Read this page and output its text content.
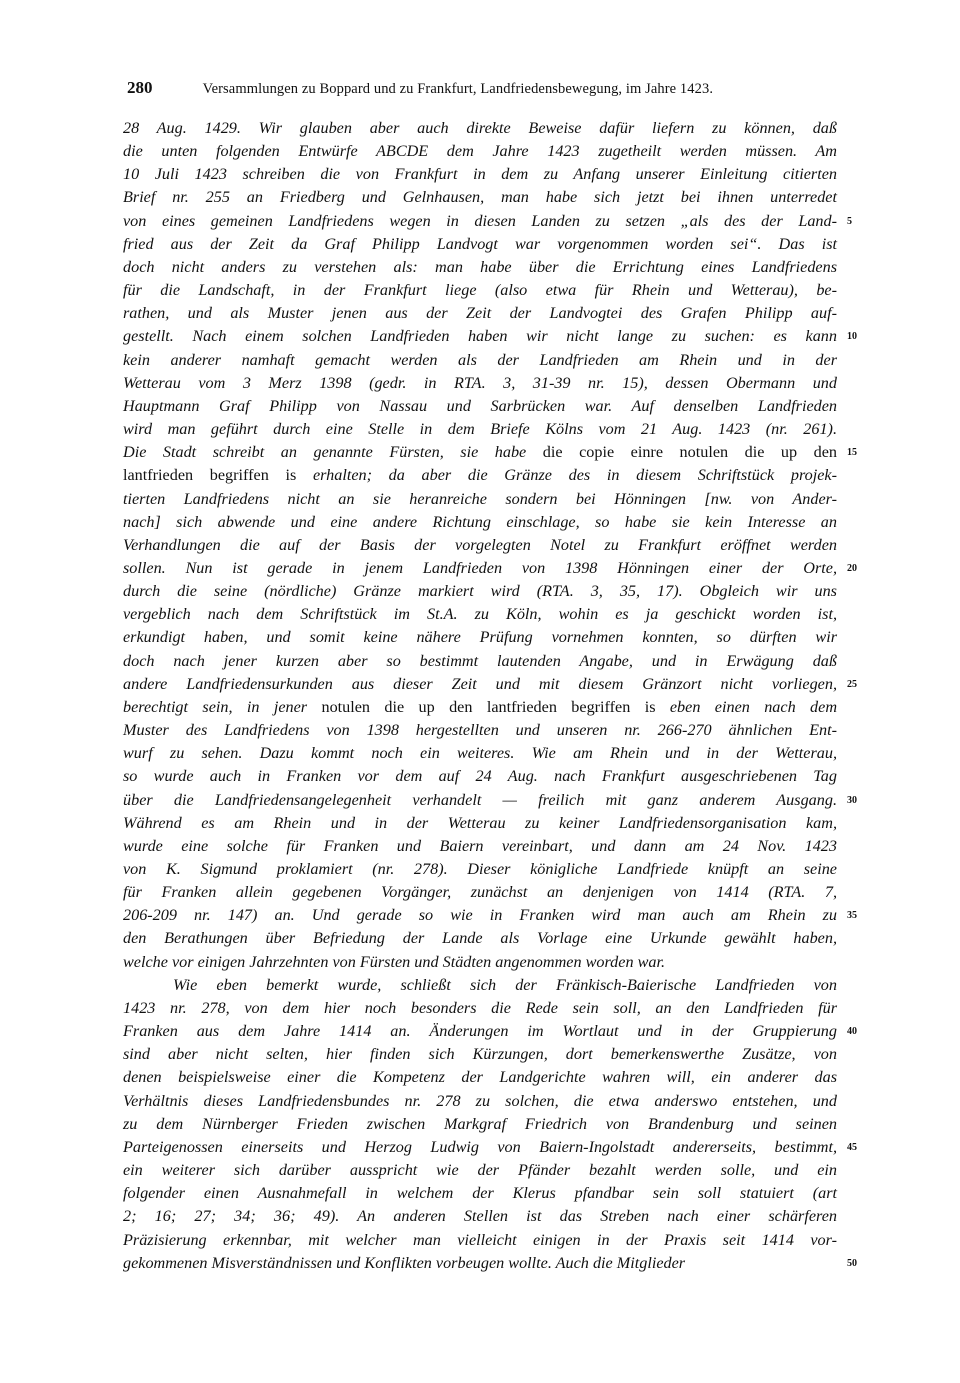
280	Versammlungen zu Boppard und zu Frankfurt, Landfriedensbewegung, im Jahre 1423.
28 Aug. 1429. Wir glauben aber auch direkte Beweise dafür liefern zu können, daß
die unten folgenden Entwürfe ABCDE dem Jahre 1423 zugetheilt werden müssen. Am
10 Juli 1423 schreiben die von Frankfurt in dem zu Anfang unserer Einleitung citierten
Brief nr. 255 an Friedberg und Gelnhausen, man habe sich jetzt bei ihnen unterredet
von eines gemeinen Landfriedens wegen in diesen Landen zu setzen „als des der Land-
fried aus der Zeit da Graf Philipp Landvogt war vorgenommen worden sei“. Das ist
doch nicht anders zu verstehen als: man habe über die Errichtung eines Landfriedens
für die Landschaft, in der Frankfurt liege (also etwa für Rhein und Wetterau), be-
rathen, und als Muster jenen aus der Zeit der Landvogtei des Grafen Philipp auf-
gestellt. Nach einem solchen Landfrieden haben wir nicht lange zu suchen: es kann
kein anderer namhaft gemacht werden als der Landfrieden am Rhein und in der
Wetterau vom 3 Merz 1398 (gedr. in RTA. 3, 31-39 nr. 15), dessen Obermann und
Hauptmann Graf Philipp von Nassau und Sarbrücken war. Auf denselben Landfrieden
wird man geführt durch eine Stelle in dem Briefe Kölns vom 21 Aug. 1423 (nr. 261).
Die Stadt schreibt an genannte Fürsten, sie habe die copie einre notulen die up den
lantfrieden begriffen is erhalten; da aber die Gränze des in diesem Schriftstück projek-
tierten Landfriedens nicht an sie heranreiche sondern bei Hönningen [nw. von Ander-
nach] sich abwende und eine andere Richtung einschlage, so habe sie kein Interesse an
Verhandlungen die auf der Basis der vorgelegten Notel zu Frankfurt eröffnet werden
sollen. Nun ist gerade in jenem Landfrieden von 1398 Hönningen einer der Orte,
durch die seine (nördliche) Gränze markiert wird (RTA. 3, 35, 17). Obgleich wir uns
vergeblich nach dem Schriftstück im St.A. zu Köln, wohin es ja geschickt worden ist,
erkundigt haben, und somit keine nähere Prüfung vornehmen konnten, so dürften wir
doch nach jener kurzen aber so bestimmt lautenden Angabe, und in Erwägung daß
andere Landfriedensurkunden aus dieser Zeit und mit diesem Gränzort nicht vorliegen,
berechtigt sein, in jener notulen die up den lantfrieden begriffen is eben einen nach dem
Muster des Landfriedens von 1398 hergestellten und unseren nr. 266-270 ähnlichen Ent-
wurf zu sehen. Dazu kommt noch ein weiteres. Wie am Rhein und in der Wetterau,
so wurde auch in Franken vor dem auf 24 Aug. nach Frankfurt ausgeschriebenen Tag
über die Landfriedensangelegenheit verhandelt — freilich mit ganz anderem Ausgang.
Während es am Rhein und in der Wetterau zu keiner Landfriedensorganisation kam,
wurde eine solche für Franken und Baiern vereinbart, und dann am 24 Nov. 1423
von K. Sigmund proklamiert (nr. 278). Dieser königliche Landfriede knüpft an seine
für Franken allein gegebenen Vorgänger, zunächst an denjenigen von 1414 (RTA. 7,
206-209 nr. 147) an. Und gerade so wie in Franken wird man auch am Rhein zu
den Berathungen über Befriedung der Lande als Vorlage eine Urkunde gewählt haben,
welche vor einigen Jahrzehnten von Fürsten und Städten angenommen worden war.
Wie eben bemerkt wurde, schließt sich der Fränkisch-Baierische Landfrieden von
1423 nr. 278, von dem hier noch besonders die Rede sein soll, an den Landfrieden für
Franken aus dem Jahre 1414 an. Änderungen im Wortlaut und in der Gruppierung
sind aber nicht selten, hier finden sich Kürzungen, dort bemerkenswerthe Zusätze, von
denen beispielsweise einer die Kompetenz der Landgerichte wahren will, ein anderer das
Verhältnis dieses Landfriedensbundes nr. 278 zu solchen, die etwa anderswo entstehen, und
zu dem Nürnberger Frieden zwischen Markgraf Friedrich von Brandenburg und seinen
Parteigenossen einerseits und Herzog Ludwig von Baiern-Ingolstadt andererseits, bestimmt,
ein weiterer sich darüber ausspricht wie der Pfänder bezahlt werden solle, und ein
folgender einen Ausnahmefall in welchem der Klerus pfandbar sein soll statuiert (art
2; 16; 27; 34; 36; 49). An anderen Stellen ist das Streben nach einer schärferen
Präzisierung erkennbar, mit welcher man vielleicht einigen in der Praxis seit 1414 vor-
gekommenen Misverständnissen und Konflikten vorbeugen wollte. Auch die Mitglieder
5
10
15
20
25
30
35
40
45
50
